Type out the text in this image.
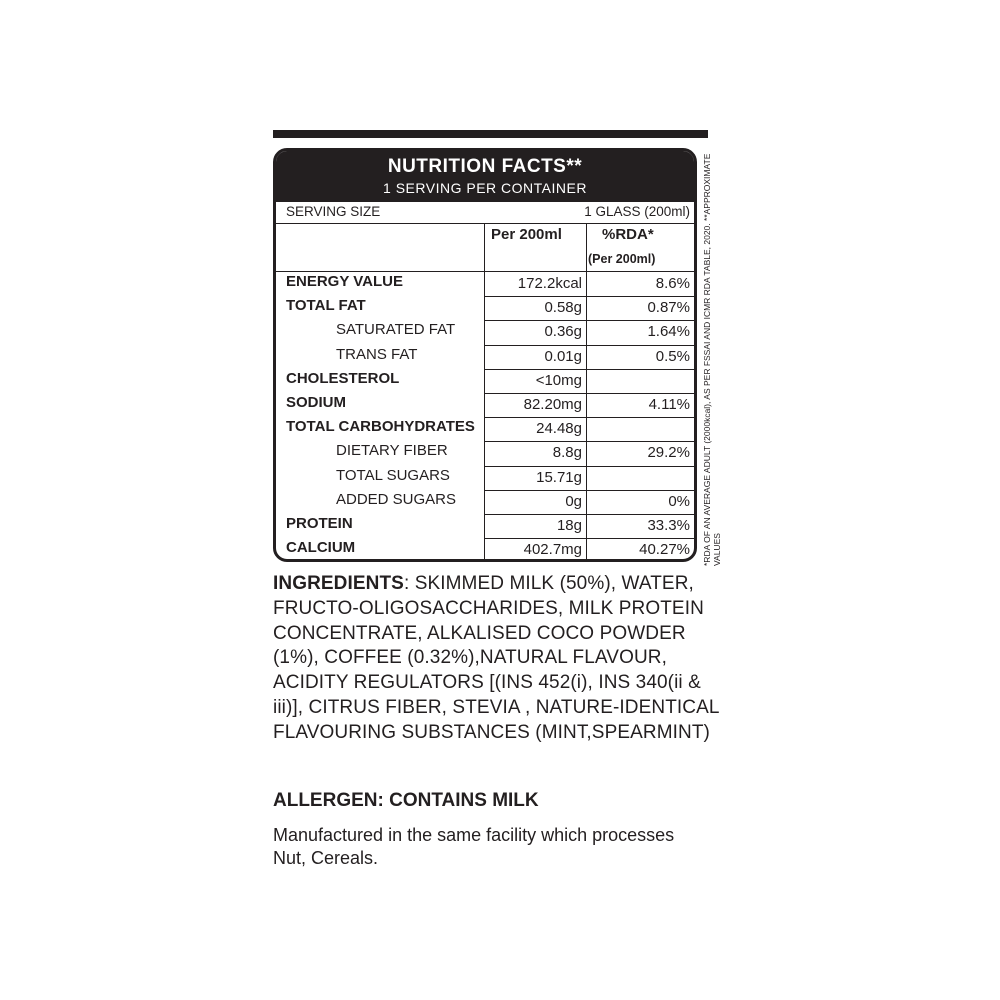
NUTRITION FACTS**
1 SERVING PER CONTAINER
SERVING SIZE	1 GLASS (200ml)
Per 200ml	%RDA*
(Per 200ml)
ENERGY VALUE	172.2kcal	8.6%
TOTAL FAT	0.58g	0.87%
SATURATED FAT	0.36g	1.64%
TRANS FAT	0.01g	0.5%
CHOLESTEROL	<10mg
SODIUM	82.20mg	4.11%
TOTAL CARBOHYDRATES	24.48g
DIETARY FIBER	8.8g	29.2%
TOTAL SUGARS	15.71g
ADDED SUGARS	0g	0%
PROTEIN	18g	33.3%
CALCIUM	402.7mg	40.27% *RDA OF AN AVERAGE ADULT (2000kcal), AS PER FSSAI AND ICMR RDA TABLE, 2020. **APPROXIMATE VALUES
INGREDIENTS: SKIMMED MILK (50%), WATER, FRUCTO-OLIGOSACCHARIDES, MILK PROTEIN CONCENTRATE, ALKALISED COCO POWDER (1%), COFFEE (0.32%),NATURAL FLAVOUR, ACIDITY REGULATORS [(INS 452(i), INS 340(ii & iii)], CITRUS FIBER, STEVIA , NATURE-IDENTICAL FLAVOURING SUBSTANCES (MINT,SPEARMINT)
ALLERGEN: CONTAINS MILK
Manufactured in the same facility which processes Nut, Cereals.
